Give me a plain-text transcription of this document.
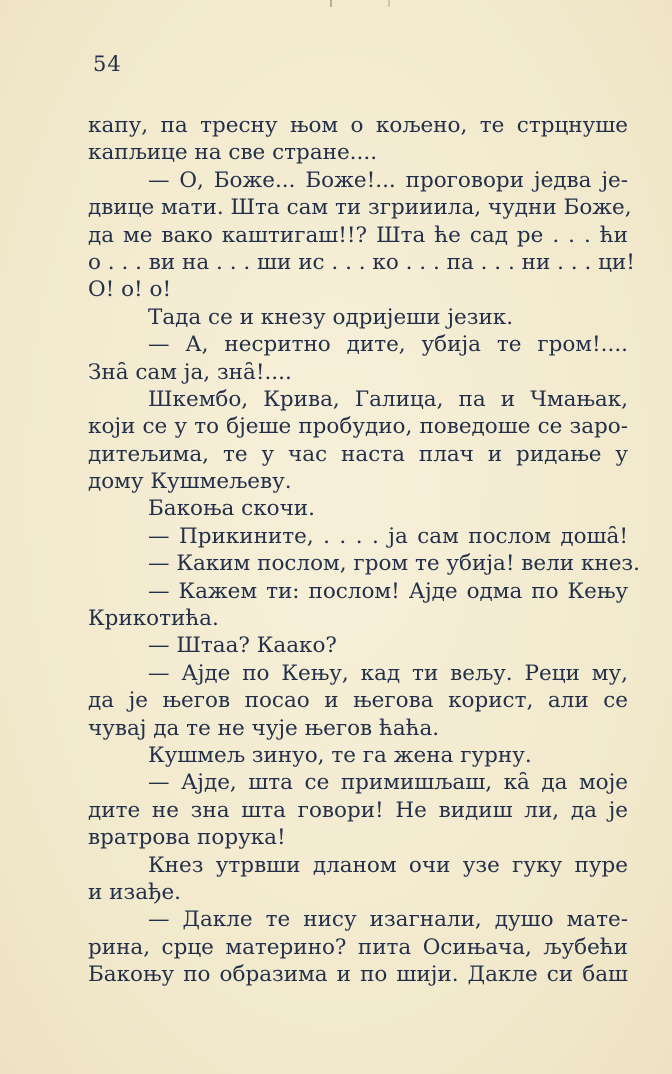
54
капу, па тресну њом о кољено, те стрцнуше
капљице на све стране....
— О, Боже... Боже!... проговори једва је-
двице мати. Шта сам ти згрииила, чудни Боже,
да ме вако каштигаш!!? Шта ће сад ре . . . ћи
о . . . ви на . . . ши ис . . . ко . . . па . . . ни . . . ци!
О! о! о!
Тада се и кнезу одријеши језик.
— А, несритно дите, убија те гром!....
Зна̑ сам ја, зна̑!....
Шкембо, Крива, Галица, па и Чмањак,
који се у то бјеше пробудио, поведоше се зaро-
дитељима, те у час наста плач и ридање у
дому Кушмељеву.
Бакоња скочи.
— Прикините, . . . . ја сам послом доша̑!
— Каким послом, гром те убија! вели кнез.
— Кажем ти: послом! Ајде одма по Кењу
Крикотића.
— Штаа? Кaако?
— Ајде по Кењу, кад ти вељу. Реци му,
да је његов посао и његова корист, али се
чувај да те не чује његов ћаћа.
Кушмељ зинуо, те га жена гурну.
— Ајде, шта се примишљаш, ка̑ да моје
дите не зна шта говори! Не видиш ли, да је
вратрова порука!
Кнез утрвши дланом очи узе гуку пуре
и изађе.
— Дакле те нису изагнали, душо мате-
рина, срце материно? пита Осињача, љубећи
Бакоњу по образима и по шији. Дакле си баш
